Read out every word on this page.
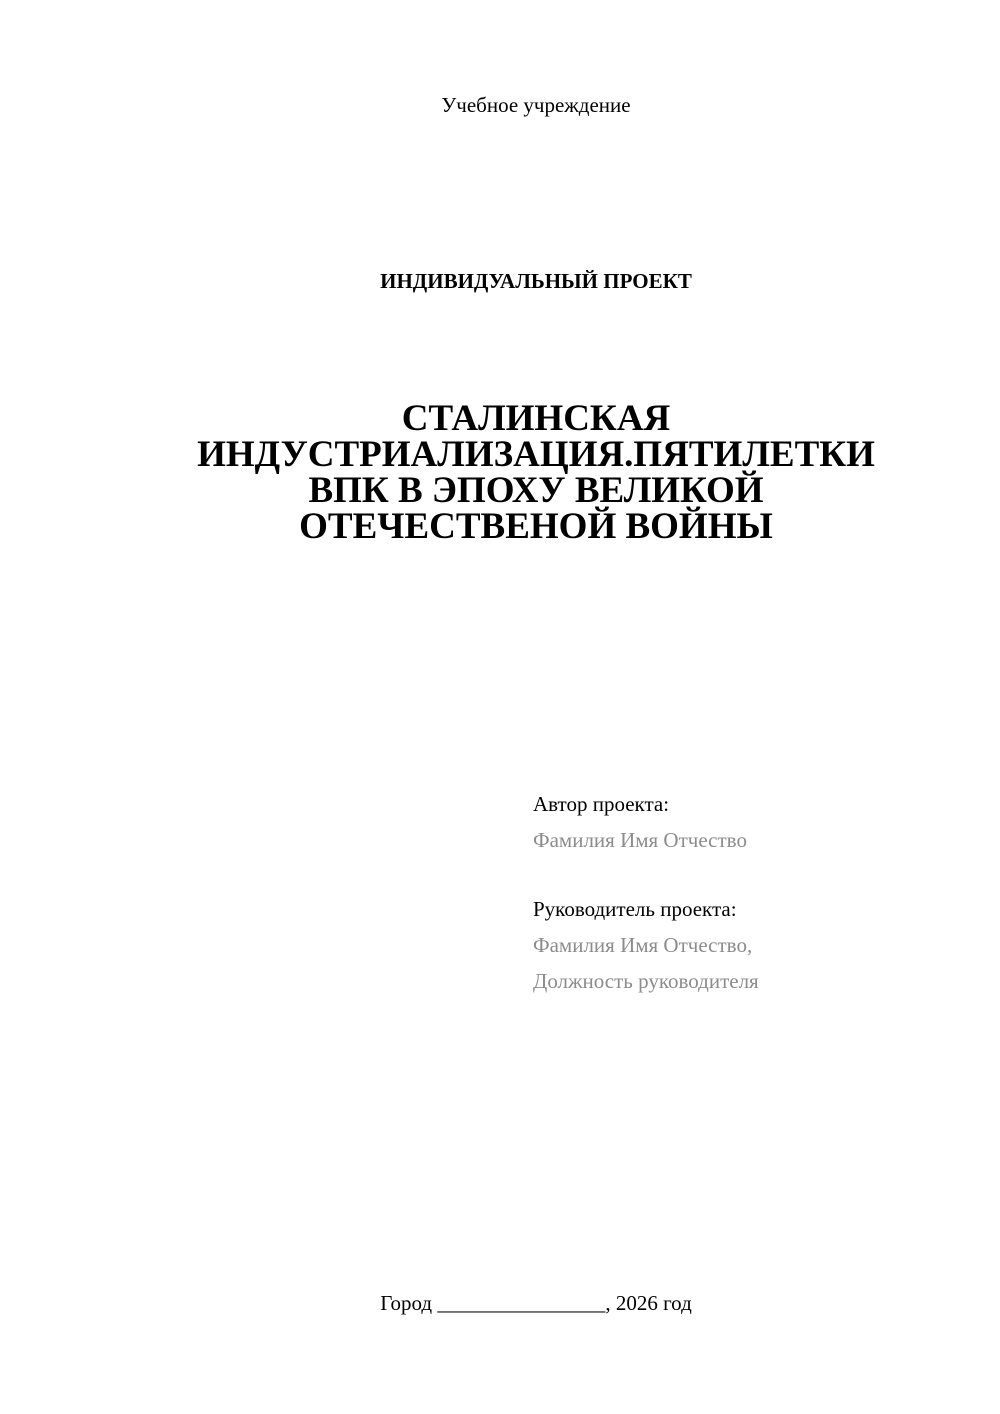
Учебное учреждение
ИНДИВИДУАЛЬНЫЙ ПРОЕКТ
СТАЛИНСКАЯ
ИНДУСТРИАЛИЗАЦИЯ.ПЯТИЛЕТКИ
ВПК В ЭПОХУ ВЕЛИКОЙ
ОТЕЧЕСТВЕНОЙ ВОЙНЫ
Автор проекта:
Фамилия Имя Отчество
Руководитель проекта:
Фамилия Имя Отчество,
Должность руководителя
Город ________________, 2026 год
